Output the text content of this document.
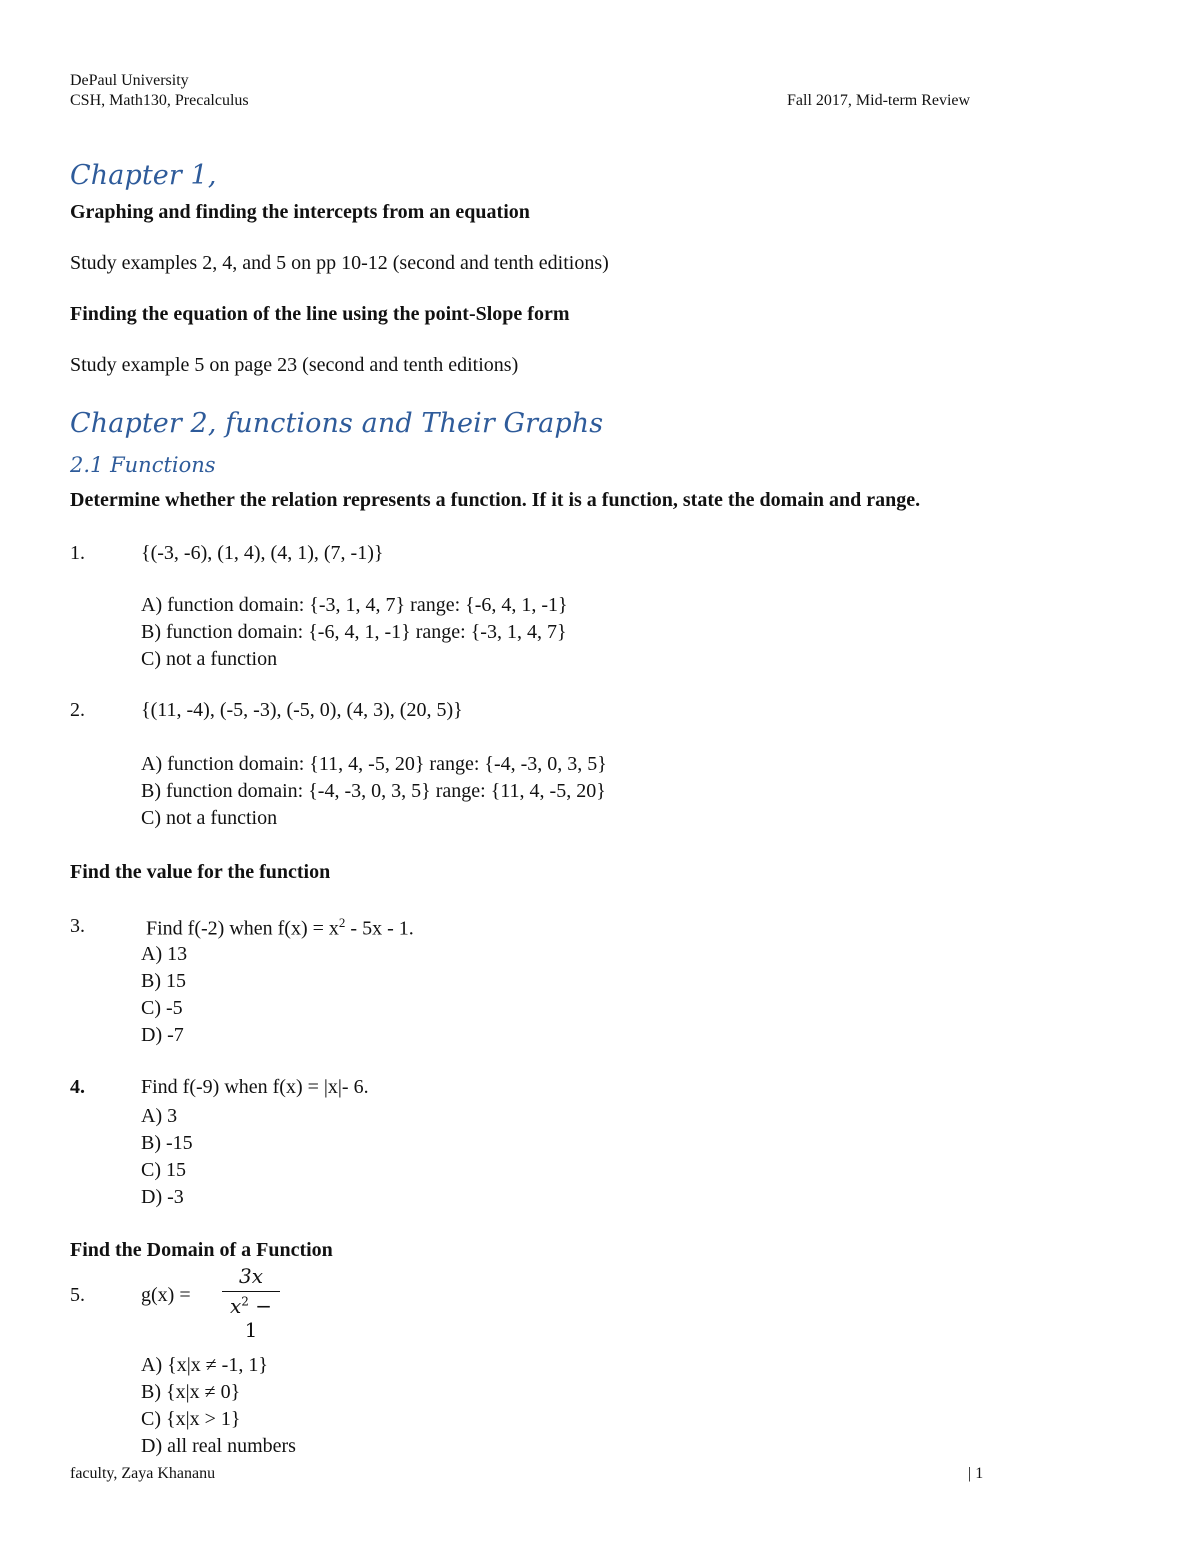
DePaul University
CSH, Math130, Precalculus	Fall 2017, Mid-term Review
Chapter 1,
Graphing and finding the intercepts from an equation
Study examples 2, 4, and 5 on pp 10-12 (second and tenth editions)
Finding the equation of the line using the point-Slope form
Study example 5 on page 23 (second and tenth editions)
Chapter 2, functions and Their Graphs
2.1 Functions
Determine whether the relation represents a function. If it is a function, state the domain and range.
1.	{(-3, -6), (1, 4), (4, 1), (7, -1)}
A) function domain: {-3, 1, 4, 7} range: {-6, 4, 1, -1}
B) function domain: {-6, 4, 1, -1} range: {-3, 1, 4, 7}
C) not a function
2.	{(11, -4), (-5, -3), (-5, 0), (4, 3), (20, 5)}
A) function domain: {11, 4, -5, 20} range: {-4, -3, 0, 3, 5}
B) function domain: {-4, -3, 0, 3, 5} range: {11, 4, -5, 20}
C) not a function
Find the value for the function
3.	Find f(-2) when $f(x) = x^2 - 5x - 1$.
A) 13
B) 15
C) -5
D) -7
4.	Find f(-9) when f(x) = |x|- 6.
A) 3
B) -15
C) 15
D) -3
Find the Domain of a Function
5.	g(x) =
3x
$x^2 - 1$
A) {x|x ≠ -1, 1}
B) {x|x ≠ 0}
C) {x|x > 1}
D) all real numbers
faculty, Zaya Khananu	| 1
